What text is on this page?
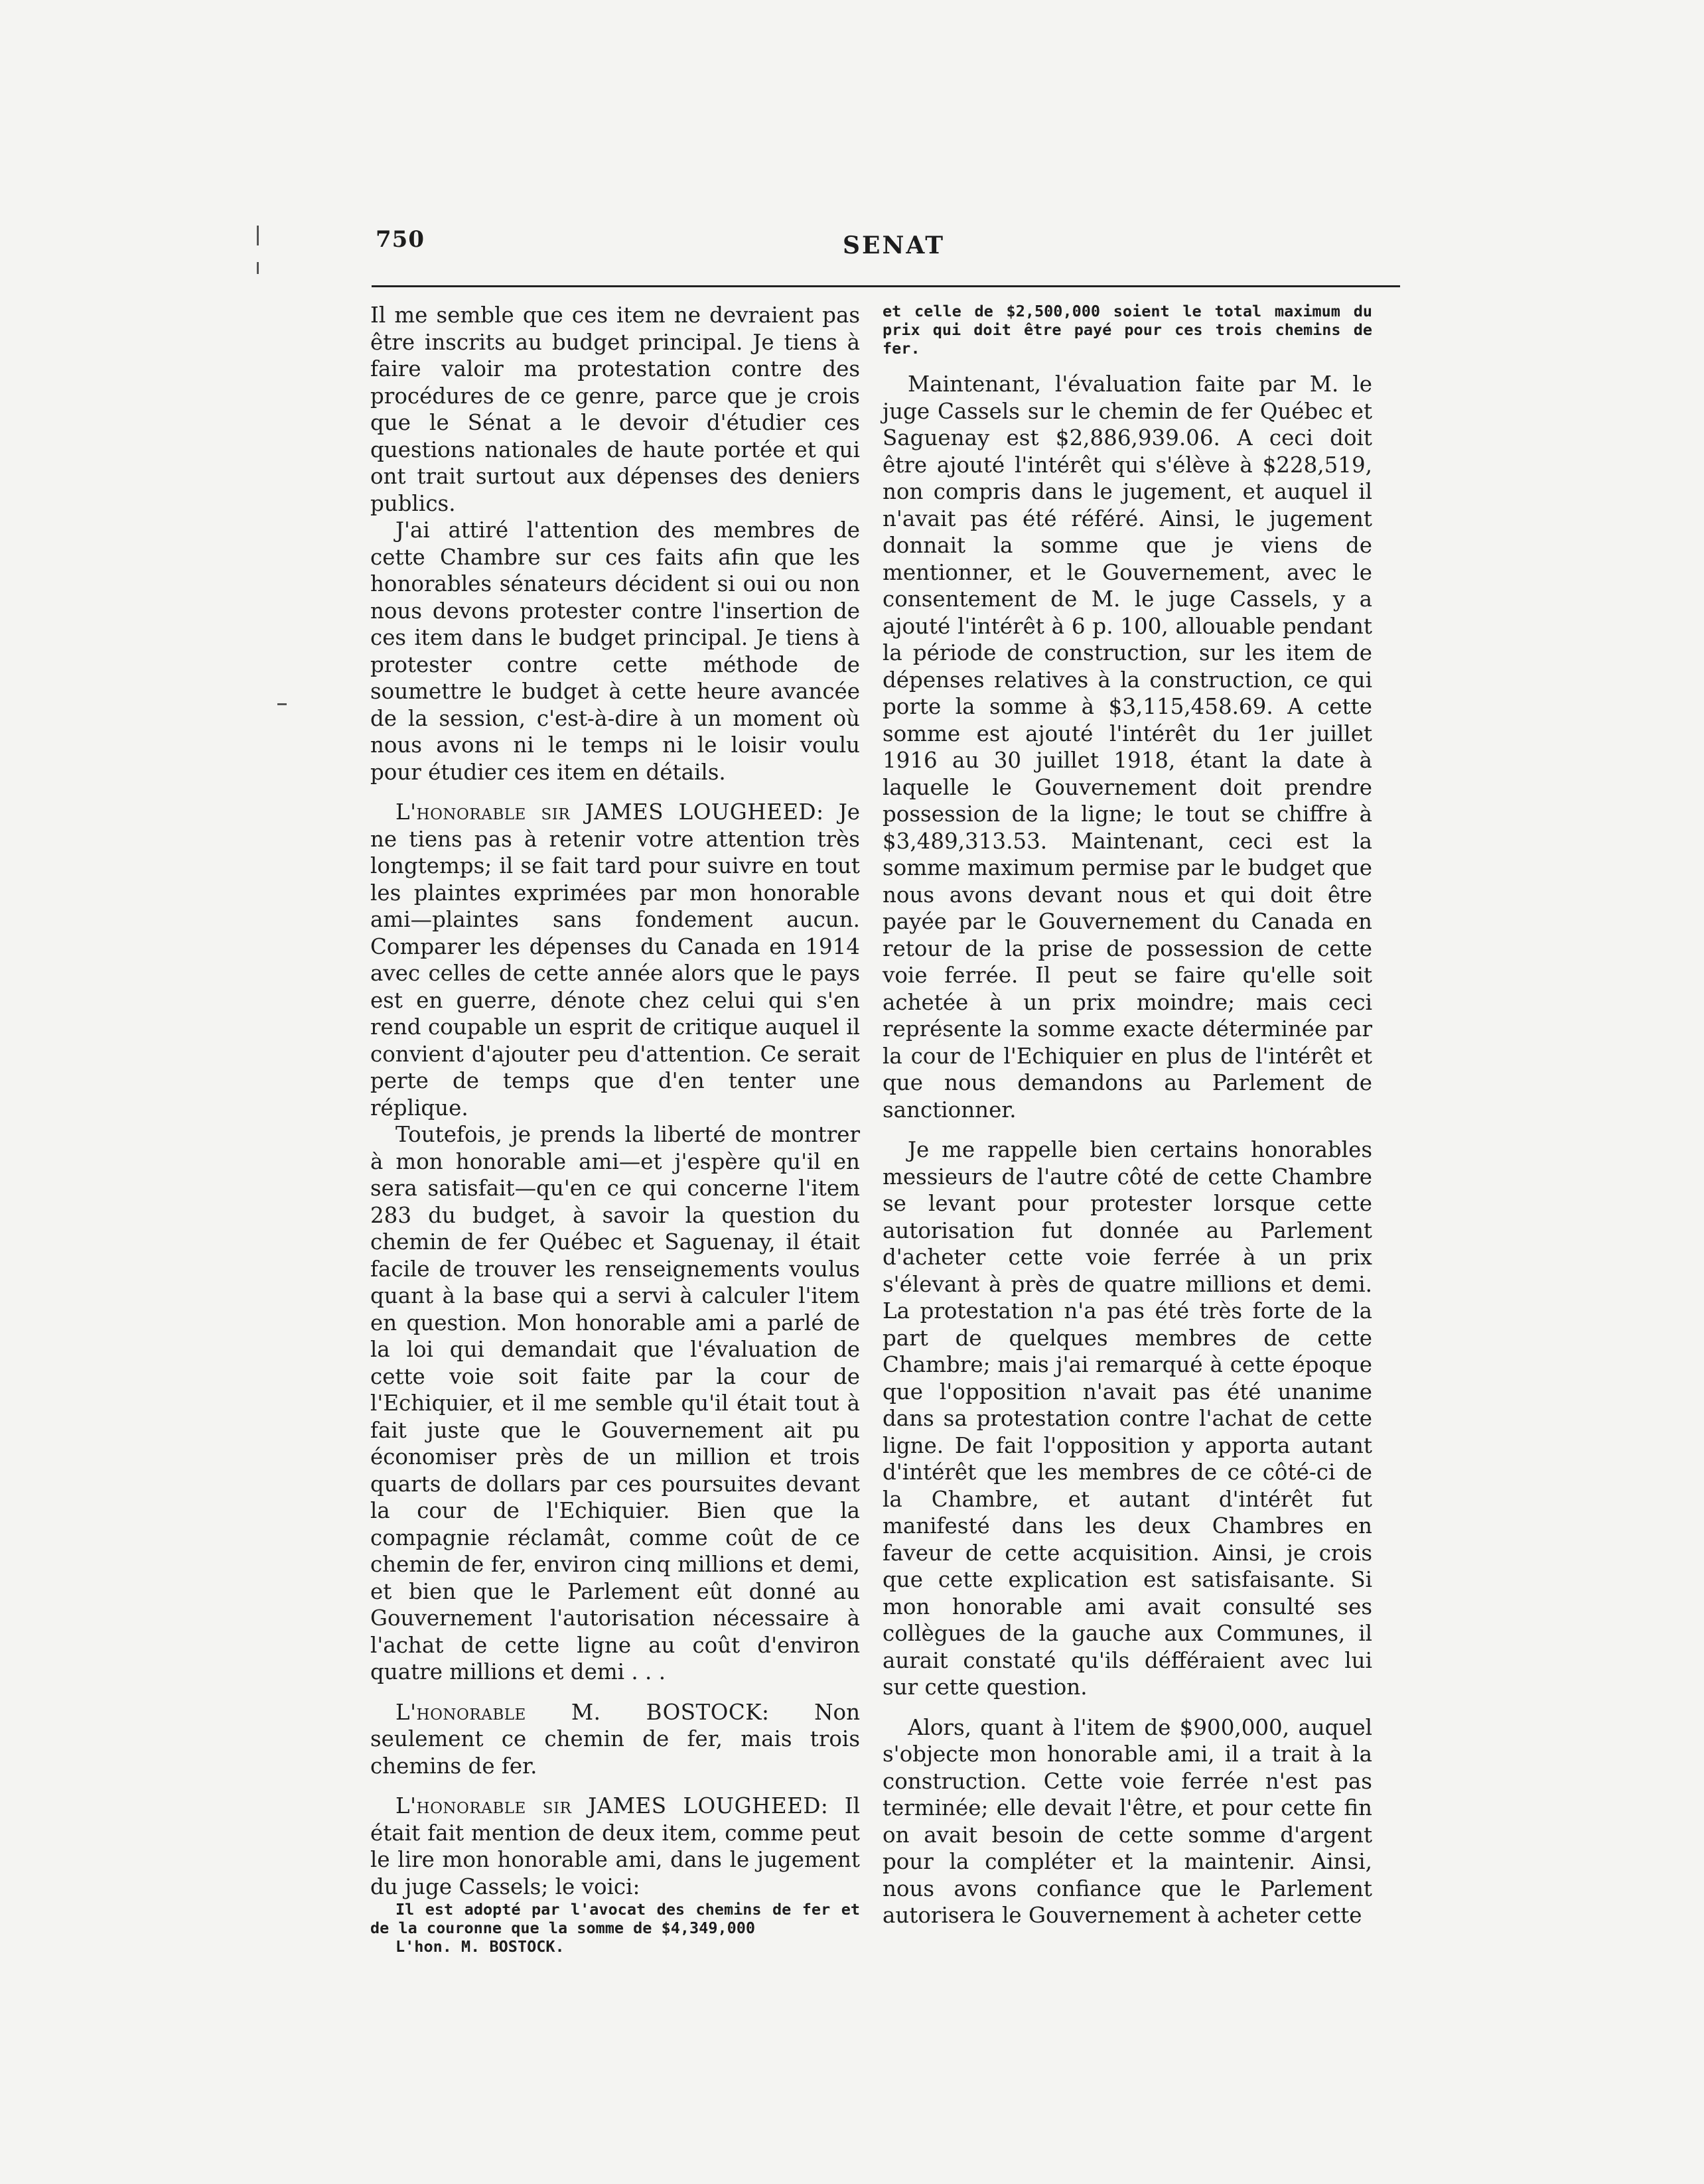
750	SENAT

Il me semble que ces item ne devraient pas être inscrits au budget principal. Je tiens à faire valoir ma protestation contre des procédures de ce genre, parce que je crois que le Sénat a le devoir d'étudier ces questions nationales de haute portée et qui ont trait surtout aux dépenses des deniers publics.

J'ai attiré l'attention des membres de cette Chambre sur ces faits afin que les honorables sénateurs décident si oui ou non nous devons protester contre l'insertion de ces item dans le budget principal. Je tiens à protester contre cette méthode de soumettre le budget à cette heure avancée de la session, c'est-à-dire à un moment où nous avons ni le temps ni le loisir voulu pour étudier ces item en détails.

L'honorable sir JAMES LOUGHEED: Je ne tiens pas à retenir votre attention très longtemps; il se fait tard pour suivre en tout les plaintes exprimées par mon honorable ami—plaintes sans fondement aucun. Comparer les dépenses du Canada en 1914 avec celles de cette année alors que le pays est en guerre, dénote chez celui qui s'en rend coupable un esprit de critique auquel il convient d'ajouter peu d'attention. Ce serait perte de temps que d'en tenter une réplique.

Toutefois, je prends la liberté de montrer à mon honorable ami—et j'espère qu'il en sera satisfait—qu'en ce qui concerne l'item 283 du budget, à savoir la question du chemin de fer Québec et Saguenay, il était facile de trouver les renseignements voulus quant à la base qui a servi à calculer l'item en question. Mon honorable ami a parlé de la loi qui demandait que l'évaluation de cette voie soit faite par la cour de l'Echiquier, et il me semble qu'il était tout à fait juste que le Gouvernement ait pu économiser près de un million et trois quarts de dollars par ces poursuites devant la cour de l'Echiquier. Bien que la compagnie réclamât, comme coût de ce chemin de fer, environ cinq millions et demi, et bien que le Parlement eût donné au Gouvernement l'autorisation nécessaire à l'achat de cette ligne au coût d'environ quatre millions et demi . . .

L'honorable M. BOSTOCK: Non seulement ce chemin de fer, mais trois chemins de fer.

L'honorable sir JAMES LOUGHEED: Il était fait mention de deux item, comme peut le lire mon honorable ami, dans le jugement du juge Cassels; le voici:

Il est adopté par l'avocat des chemins de fer et de la couronne que la somme de $4,349,000

L'hon. M. BOSTOCK.

et celle de $2,500,000 soient le total maximum du prix qui doit être payé pour ces trois chemins de fer.

Maintenant, l'évaluation faite par M. le juge Cassels sur le chemin de fer Québec et Saguenay est $2,886,939.06. A ceci doit être ajouté l'intérêt qui s'élève à $228,519, non compris dans le jugement, et auquel il n'avait pas été référé. Ainsi, le jugement donnait la somme que je viens de mentionner, et le Gouvernement, avec le consentement de M. le juge Cassels, y a ajouté l'intérêt à 6 p. 100, allouable pendant la période de construction, sur les item de dépenses relatives à la construction, ce qui porte la somme à $3,115,458.69. A cette somme est ajouté l'intérêt du 1er juillet 1916 au 30 juillet 1918, étant la date à laquelle le Gouvernement doit prendre possession de la ligne; le tout se chiffre à $3,489,313.53. Maintenant, ceci est la somme maximum permise par le budget que nous avons devant nous et qui doit être payée par le Gouvernement du Canada en retour de la prise de possession de cette voie ferrée. Il peut se faire qu'elle soit achetée à un prix moindre; mais ceci représente la somme exacte déterminée par la cour de l'Echiquier en plus de l'intérêt et que nous demandons au Parlement de sanctionner.

Je me rappelle bien certains honorables messieurs de l'autre côté de cette Chambre se levant pour protester lorsque cette autorisation fut donnée au Parlement d'acheter cette voie ferrée à un prix s'élevant à près de quatre millions et demi. La protestation n'a pas été très forte de la part de quelques membres de cette Chambre; mais j'ai remarqué à cette époque que l'opposition n'avait pas été unanime dans sa protestation contre l'achat de cette ligne. De fait l'opposition y apporta autant d'intérêt que les membres de ce côté-ci de la Chambre, et autant d'intérêt fut manifesté dans les deux Chambres en faveur de cette acquisition. Ainsi, je crois que cette explication est satisfaisante. Si mon honorable ami avait consulté ses collègues de la gauche aux Communes, il aurait constaté qu'ils défféraient avec lui sur cette question.

Alors, quant à l'item de $900,000, auquel s'objecte mon honorable ami, il a trait à la construction. Cette voie ferrée n'est pas terminée; elle devait l'être, et pour cette fin on avait besoin de cette somme d'argent pour la compléter et la maintenir. Ainsi, nous avons confiance que le Parlement autorisera le Gouvernement à acheter cette
